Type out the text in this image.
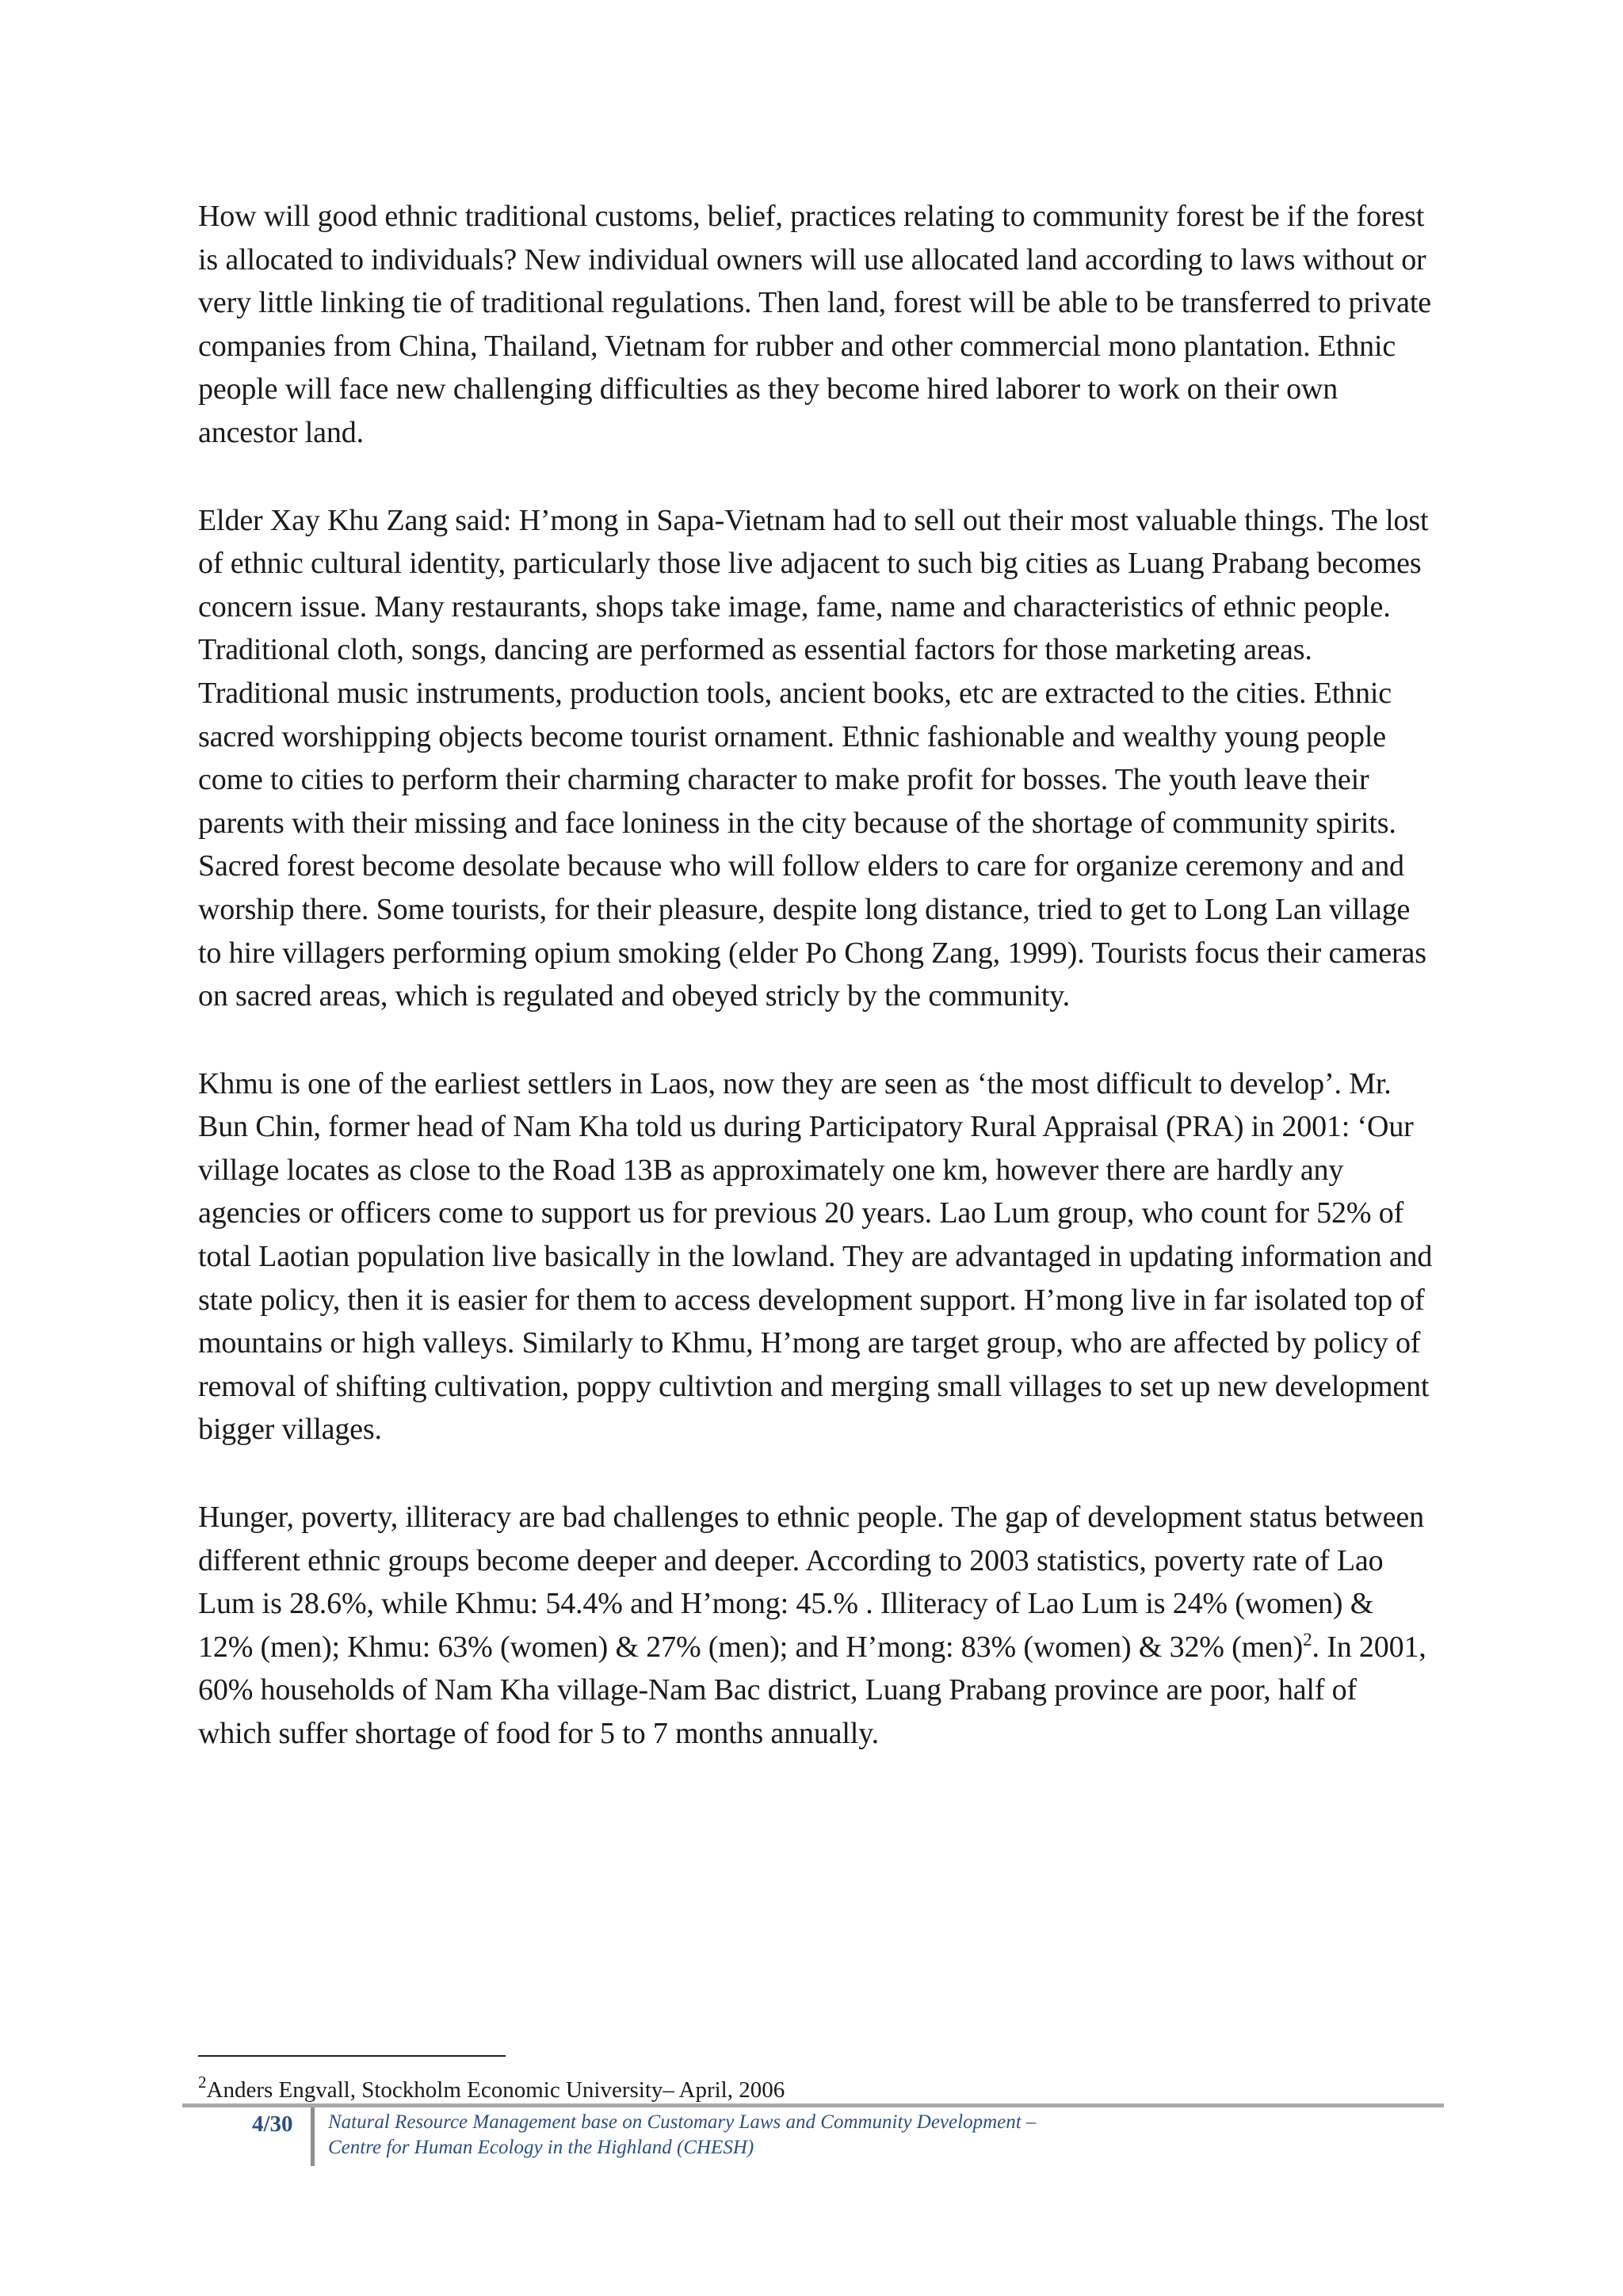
How will good ethnic traditional customs, belief, practices relating to community forest be if the forest is allocated to individuals? New individual owners will use allocated land according to laws without or very little linking tie of traditional regulations. Then land, forest will be able to be transferred to private companies from China, Thailand, Vietnam for rubber and other commercial mono plantation. Ethnic people will face new challenging difficulties as they become hired laborer to work on their own ancestor land.

Elder Xay Khu Zang said: H’mong in Sapa-Vietnam had to sell out their most valuable things. The lost of ethnic cultural identity, particularly those live adjacent to such big cities as Luang Prabang becomes concern issue. Many restaurants, shops take image, fame, name and characteristics of ethnic people. Traditional cloth, songs, dancing are performed as essential factors for those marketing areas. Traditional music instruments, production tools, ancient books, etc are extracted to the cities. Ethnic sacred worshipping objects become tourist ornament. Ethnic fashionable and wealthy young people come to cities to perform their charming character to make profit for bosses. The youth leave their parents with their missing and face loniness in the city because of the shortage of community spirits. Sacred forest become desolate because who will follow elders to care for organize ceremony and and worship there. Some tourists, for their pleasure, despite long distance, tried to get to Long Lan village to hire villagers performing opium smoking (elder Po Chong Zang, 1999). Tourists focus their cameras on sacred areas, which is regulated and obeyed stricly by the community.

Khmu is one of the earliest settlers in Laos, now they are seen as ‘the most difficult to develop’. Mr. Bun Chin, former head of Nam Kha told us during Participatory Rural Appraisal (PRA) in 2001: ‘Our village locates as close to the Road 13B as approximately one km, however there are hardly any agencies or officers come to support us for previous 20 years. Lao Lum group, who count for 52% of total Laotian population live basically in the lowland. They are advantaged in updating information and state policy, then it is easier for them to access development support. H’mong live in far isolated top of mountains or high valleys. Similarly to Khmu, H’mong are target group, who are affected by policy of removal of shifting cultivation, poppy cultivtion and merging small villages to set up new development bigger villages.

Hunger, poverty, illiteracy are bad challenges to ethnic people. The gap of development status between different ethnic groups become deeper and deeper. According to 2003 statistics, poverty rate of Lao Lum is 28.6%, while Khmu: 54.4% and H’mong: 45.% . Illiteracy of Lao Lum is 24% (women) & 12% (men); Khmu: 63% (women) & 27% (men); and H’mong: 83% (women) & 32% (men)$^2$. In 2001, 60% households of Nam Kha village-Nam Bac district, Luang Prabang province are poor, half of which suffer shortage of food for 5 to 7 months annually.

$^2$Anders Engvall, Stockholm Economic University– April, 2006
4/30 Natural Resource Management base on Customary Laws and Community Development –
Centre for Human Ecology in the Highland (CHESH)
